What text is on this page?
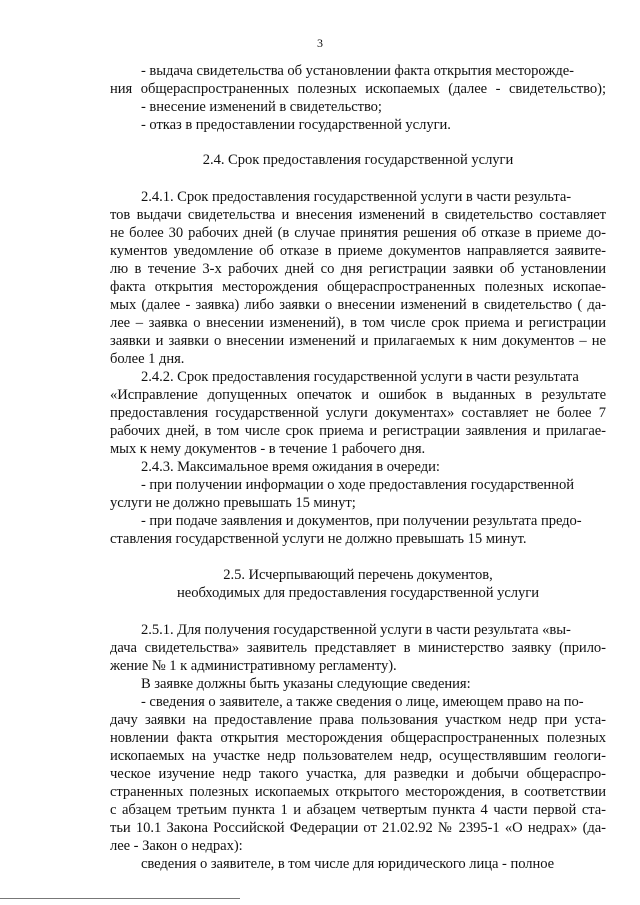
3
- выдача свидетельства об установлении факта открытия месторожде-
ния общераспространенных полезных ископаемых (далее - свидетельство);
- внесение изменений в свидетельство;
- отказ в предоставлении государственной услуги.
2.4. Срок предоставления государственной услуги
2.4.1. Срок предоставления государственной услуги в части результа-
тов выдачи свидетельства и внесения изменений в свидетельство составляет
не более 30 рабочих дней (в случае принятия решения об отказе в приеме до-
кументов уведомление об отказе в приеме документов направляется заявите-
лю в течение 3-х рабочих дней со дня регистрации заявки об установлении
факта открытия месторождения общераспространенных полезных ископае-
мых (далее - заявка) либо заявки о внесении изменений в свидетельство ( да-
лее – заявка о внесении изменений), в том числе срок приема и регистрации
заявки и заявки о внесении изменений и прилагаемых к ним документов – не
более 1 дня.
2.4.2. Срок предоставления государственной услуги в части результата
«Исправление допущенных опечаток и ошибок в выданных в результате
предоставления государственной услуги документах» составляет не более 7
рабочих дней, в том числе срок приема и регистрации заявления и прилагае-
мых к нему документов - в течение 1 рабочего дня.
2.4.3. Максимальное время ожидания в очереди:
- при получении информации о ходе предоставления государственной
услуги не должно превышать 15 минут;
- при подаче заявления и документов, при получении результата предо-
ставления государственной услуги не должно превышать 15 минут.
2.5. Исчерпывающий перечень документов,
необходимых для предоставления государственной услуги
2.5.1. Для получения государственной услуги в части результата «вы-
дача свидетельства» заявитель представляет в министерство заявку (прило-
жение № 1 к административному регламенту).
В заявке должны быть указаны следующие сведения:
- сведения о заявителе, а также сведения о лице, имеющем право на по-
дачу заявки на предоставление права пользования участком недр при уста-
новлении факта открытия месторождения общераспространенных полезных
ископаемых на участке недр пользователем недр, осуществлявшим геологи-
ческое изучение недр такого участка, для разведки и добычи общераспро-
страненных полезных ископаемых открытого месторождения, в соответствии
с абзацем третьим пункта 1 и абзацем четвертым пункта 4 части первой ста-
тьи 10.1 Закона Российской Федерации от 21.02.92 № 2395-1 «О недрах» (да-
лее - Закон о недрах):
сведения о заявителе, в том числе для юридического лица - полное
